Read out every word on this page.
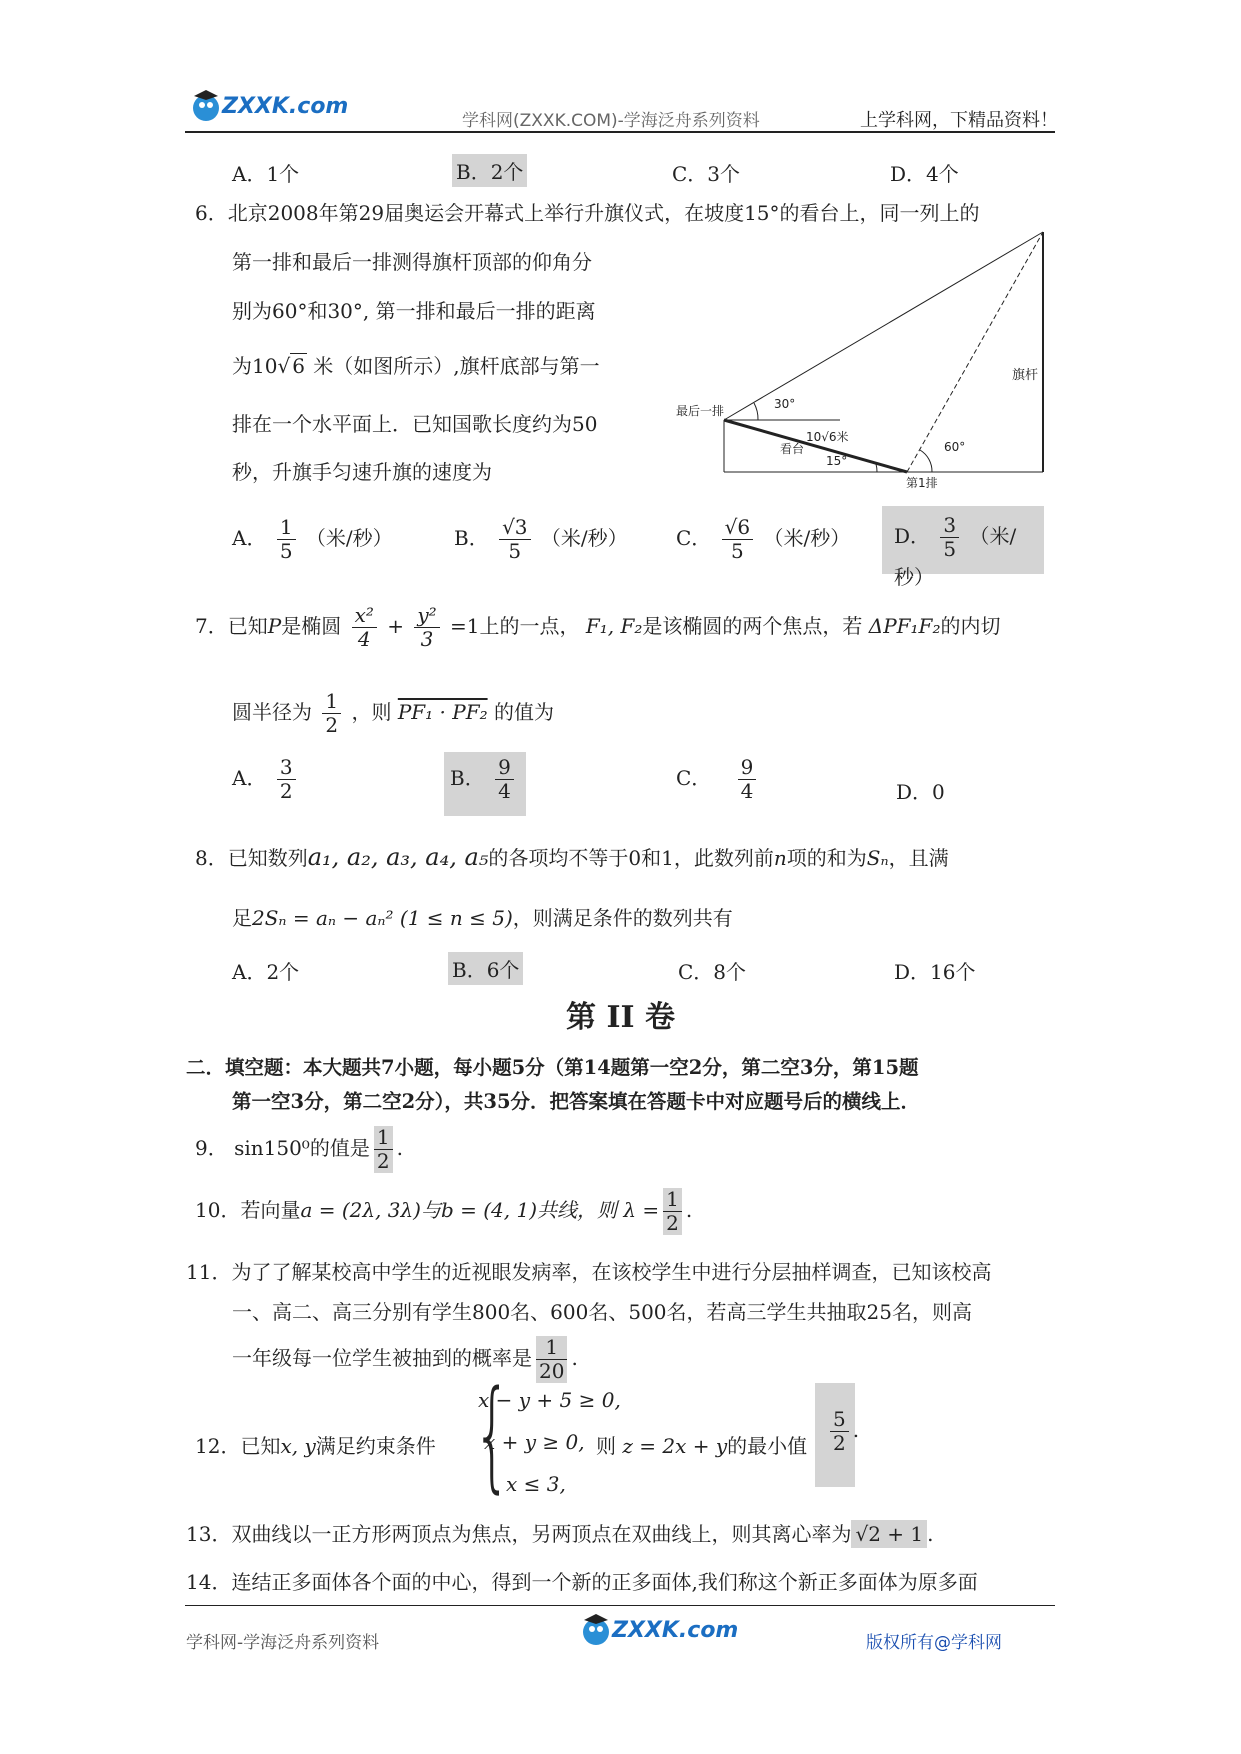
ZXXK.com
学科网(ZXXK.COM)-学海泛舟系列资料	上学科网，下精品资料！
A．1个	B．2个	C．3个	D．4个
6．北京2008年第29届奥运会开幕式上举行升旗仪式，在坡度15°的看台上，同一列上的
第一排和最后一排测得旗杆顶部的仰角分
别为60°和30°, 第一排和最后一排的距离
为10√ 6 米（如图所示）,旗杆底部与第一
排在一个水平面上．已知国歌长度约为50
秒，升旗手匀速升旗的速度为
旗杆
最后一排	30°
10√6米
看台
15°
60°
第1排
A． $\frac{1}{5}$ （米/秒）	B． $\frac{√3}{5}$ （米/秒） C． $\frac{√6}{5}$ （米/秒）	D． $\frac{3}{5}$ （米/秒）
7．已知P是椭圆 $\frac{\text{x²}}{4} + \frac{\text{y²}}{3} =1$上的一点， F₁, F₂是该椭圆的两个焦点，若 ΔPF₁F₂的内切
圆半径为 $\frac{1}{2}$ ，则 PF₁ · PF₂ 的值为
A． $\frac{3}{2}$	B． $\frac{9}{4}$	C． $\frac{9}{4}$	D．0
8．已知数列a₁, a₂, a₃, a₄, a₅的各项均不等于0和1，此数列前n项的和为Sₙ，且满
足2Sₙ = aₙ − aₙ² (1 ≤ n ≤ 5)，则满足条件的数列共有
A．2个	B．6个	C．8个	D．16个
第 II 卷
二．填空题：本大题共7小题，每小题5分（第14题第一空2分，第二空3分，第15题
第一空3分，第二空2分），共35分．把答案填在答题卡中对应题号后的横线上．
9． sin150⁰的值是 $\frac{1}{2}$ .
10．若向量a = (2λ, 3λ)与b = (4, 1)共线，则 $\lambda = \frac{1}{2}$ .
11．为了了解某校高中学生的近视眼发病率，在该校学生中进行分层抽样调查，已知该校高
一、高二、高三分别有学生800名、600名、500名，若高三学生共抽取25名，则高
一年级每一位学生被抽到的概率是 $\frac{1}{20}$ .
12．已知x, y满足约束条件 {
x − y + 5 ≥ 0,
x + y ≥ 0,
x ≤ 3,
则 z = 2x + y的最小值 $\frac{5}{2}$ .
13．双曲线以一正方形两顶点为焦点，另两顶点在双曲线上，则其离心率为 √2 + 1 .
14．连结正多面体各个面的中心，得到一个新的正多面体,我们称这个新正多面体为原多面
学科网-学海泛舟系列资料	ZXXK.com	版权所有@学科网
